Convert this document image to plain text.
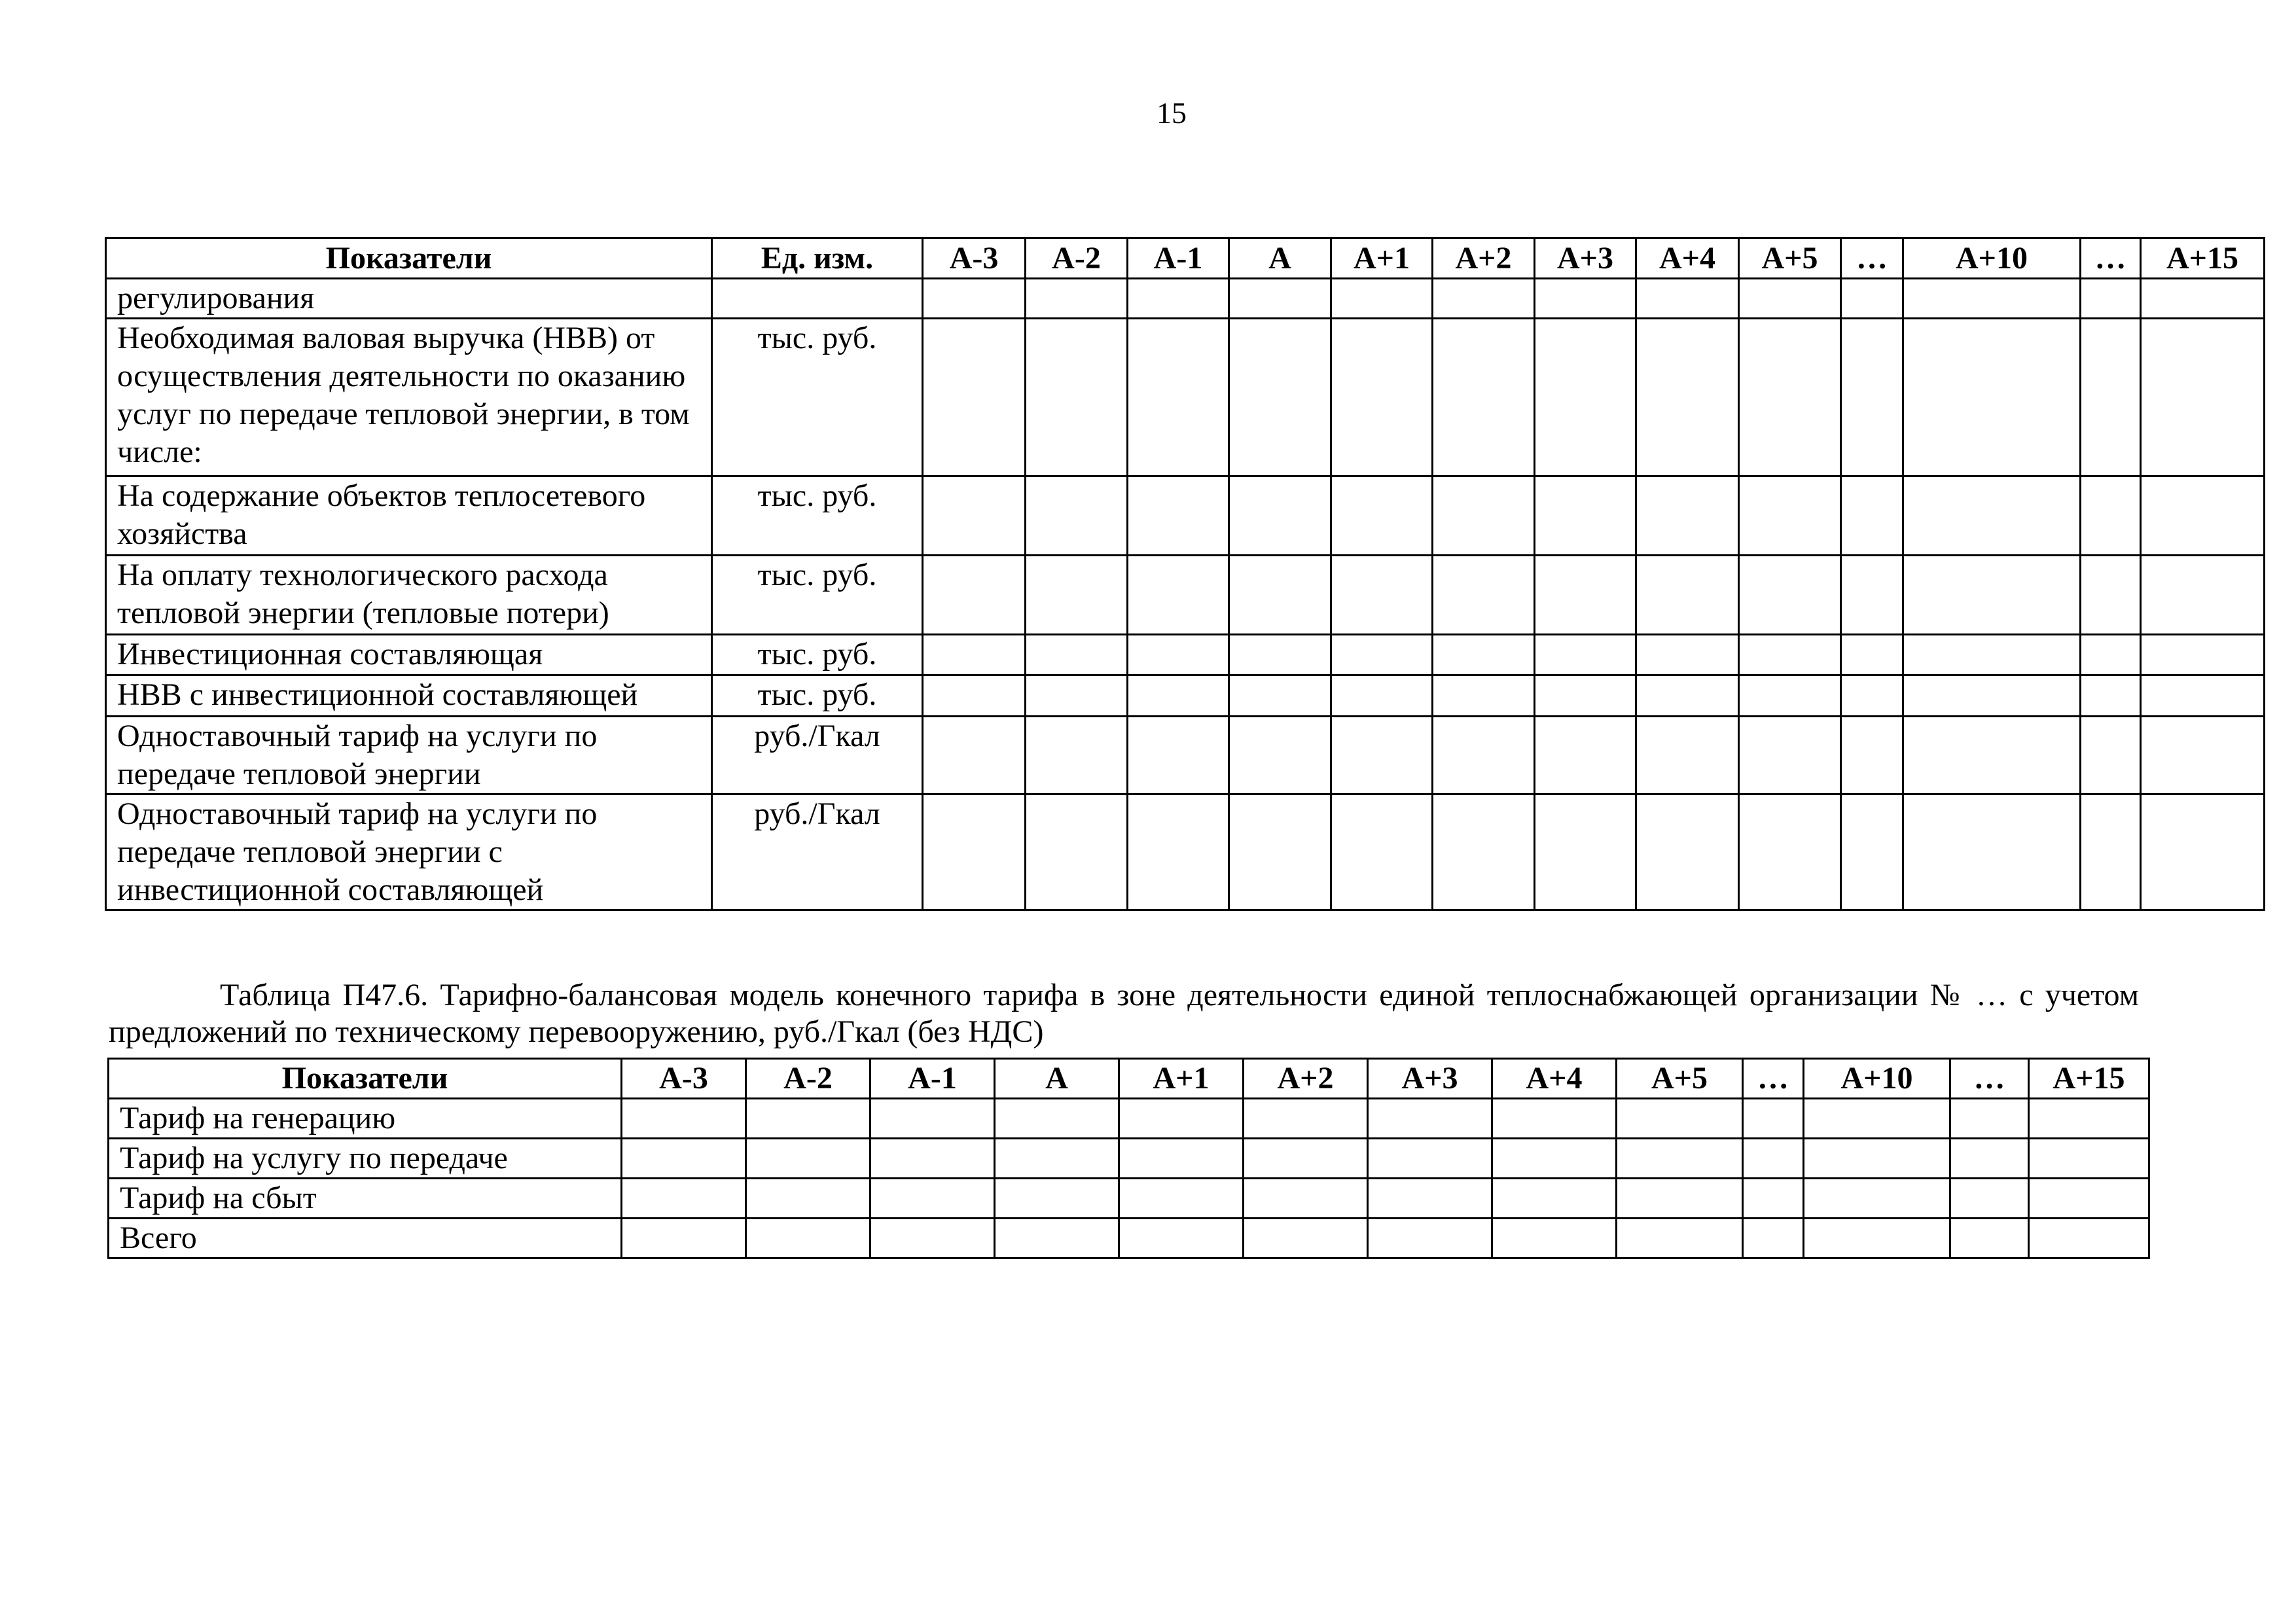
15
Показатели	Ед. изм.	А-3	А-2	А-1	А	А+1	А+2	А+3	А+4	А+5	…	А+10	…	А+15
регулирования														
Необходимая валовая выручка (НВВ) от осуществления деятельности по оказанию услуг по передаче тепловой энергии, в том числе:	тыс. руб.													
На содержание объектов теплосетевого хозяйства	тыс. руб.													
На оплату технологического расхода тепловой энергии (тепловые потери)	тыс. руб.													
Инвестиционная составляющая	тыс. руб.													
НВВ с инвестиционной составляющей	тыс. руб.													
Одноставочный тариф на услуги по передаче тепловой энергии	руб./Гкал													
Одноставочный тариф на услуги по передаче тепловой энергии с инвестиционной составляющей	руб./Гкал													
Таблица П47.6. Тарифно-балансовая модель конечного тарифа в зоне деятельности единой теплоснабжающей организации № … с учетом предложений по техническому перевооружению, руб./Гкал (без НДС)
Показатели	А-3	А-2	А-1	А	А+1	А+2	А+3	А+4	А+5	…	А+10	…	А+15
Тариф на генерацию													
Тариф на услугу по передаче													
Тариф на сбыт													
Всего													
